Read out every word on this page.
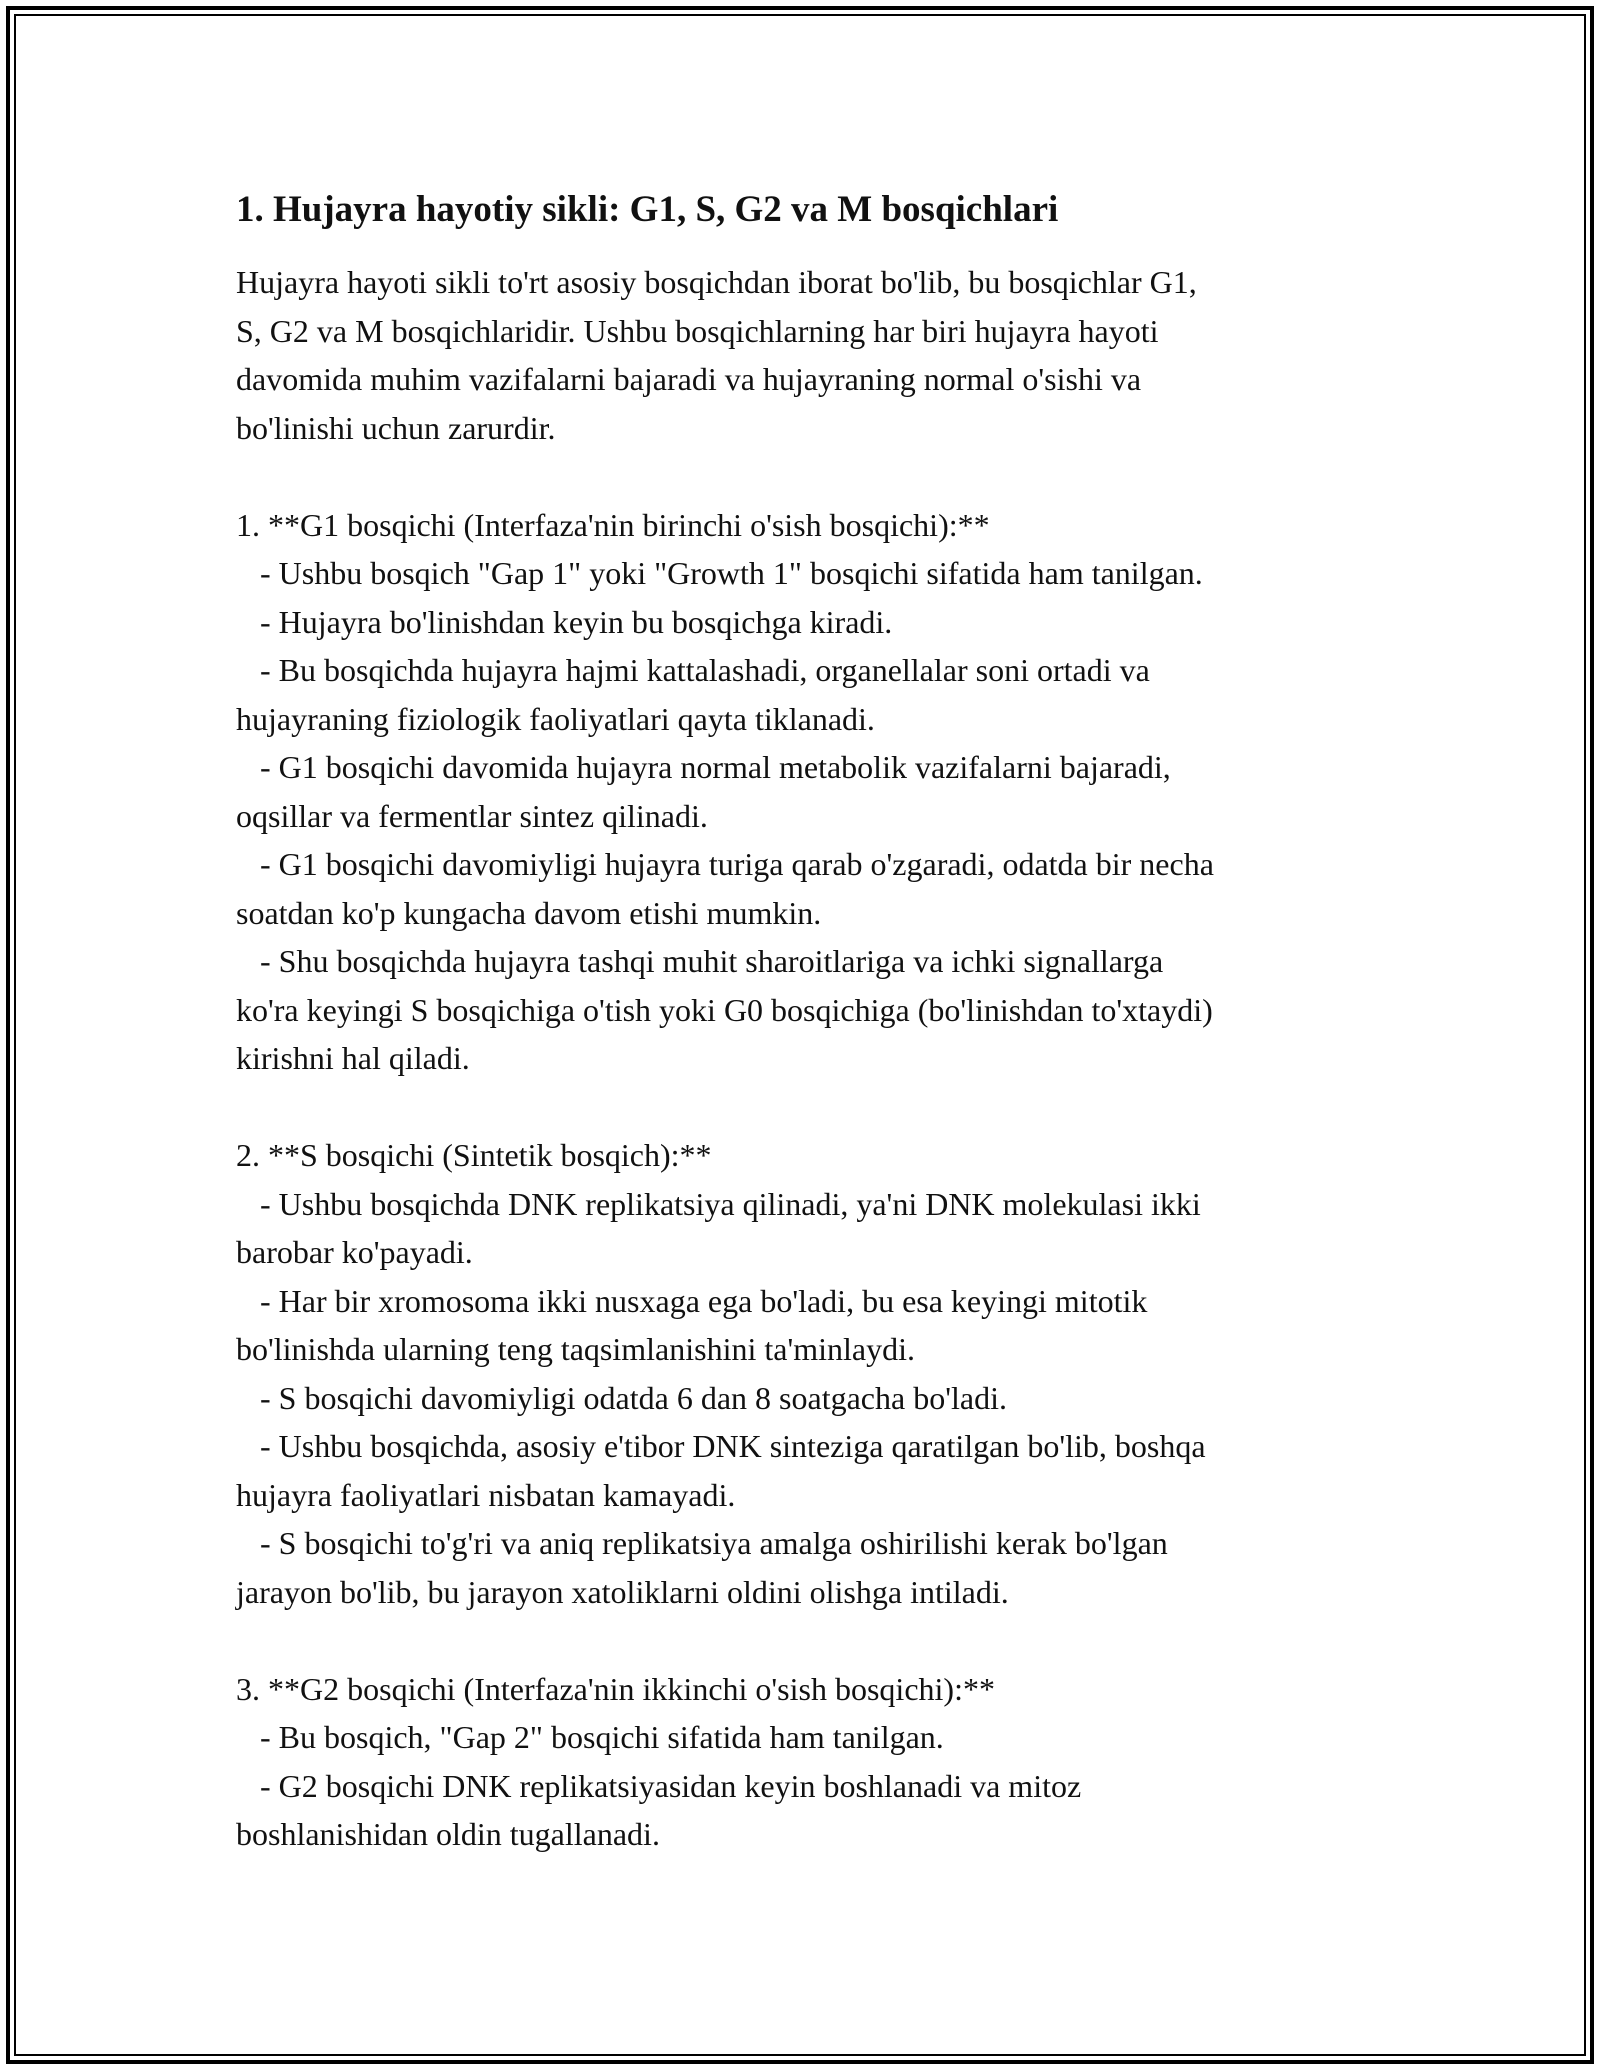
1. Hujayra hayotiy sikli: G1, S, G2 va M bosqichlari

Hujayra hayoti sikli to'rt asosiy bosqichdan iborat bo'lib, bu bosqichlar G1,
S, G2 va M bosqichlaridir. Ushbu bosqichlarning har biri hujayra hayoti
davomida muhim vazifalarni bajaradi va hujayraning normal o'sishi va
bo'linishi uchun zarurdir.

1. **G1 bosqichi (Interfaza'nin birinchi o'sish bosqichi):**
- Ushbu bosqich "Gap 1" yoki "Growth 1" bosqichi sifatida ham tanilgan.
- Hujayra bo'linishdan keyin bu bosqichga kiradi.
- Bu bosqichda hujayra hajmi kattalashadi, organellalar soni ortadi va
hujayraning fiziologik faoliyatlari qayta tiklanadi.
- G1 bosqichi davomida hujayra normal metabolik vazifalarni bajaradi,
oqsillar va fermentlar sintez qilinadi.
- G1 bosqichi davomiyligi hujayra turiga qarab o'zgaradi, odatda bir necha
soatdan ko'p kungacha davom etishi mumkin.
- Shu bosqichda hujayra tashqi muhit sharoitlariga va ichki signallarga
ko'ra keyingi S bosqichiga o'tish yoki G0 bosqichiga (bo'linishdan to'xtaydi)
kirishni hal qiladi.

2. **S bosqichi (Sintetik bosqich):**
- Ushbu bosqichda DNK replikatsiya qilinadi, ya'ni DNK molekulasi ikki
barobar ko'payadi.
- Har bir xromosoma ikki nusxaga ega bo'ladi, bu esa keyingi mitotik
bo'linishda ularning teng taqsimlanishini ta'minlaydi.
- S bosqichi davomiyligi odatda 6 dan 8 soatgacha bo'ladi.
- Ushbu bosqichda, asosiy e'tibor DNK sinteziga qaratilgan bo'lib, boshqa
hujayra faoliyatlari nisbatan kamayadi.
- S bosqichi to'g'ri va aniq replikatsiya amalga oshirilishi kerak bo'lgan
jarayon bo'lib, bu jarayon xatoliklarni oldini olishga intiladi.

3. **G2 bosqichi (Interfaza'nin ikkinchi o'sish bosqichi):**
- Bu bosqich, "Gap 2" bosqichi sifatida ham tanilgan.
- G2 bosqichi DNK replikatsiyasidan keyin boshlanadi va mitoz
boshlanishidan oldin tugallanadi.
